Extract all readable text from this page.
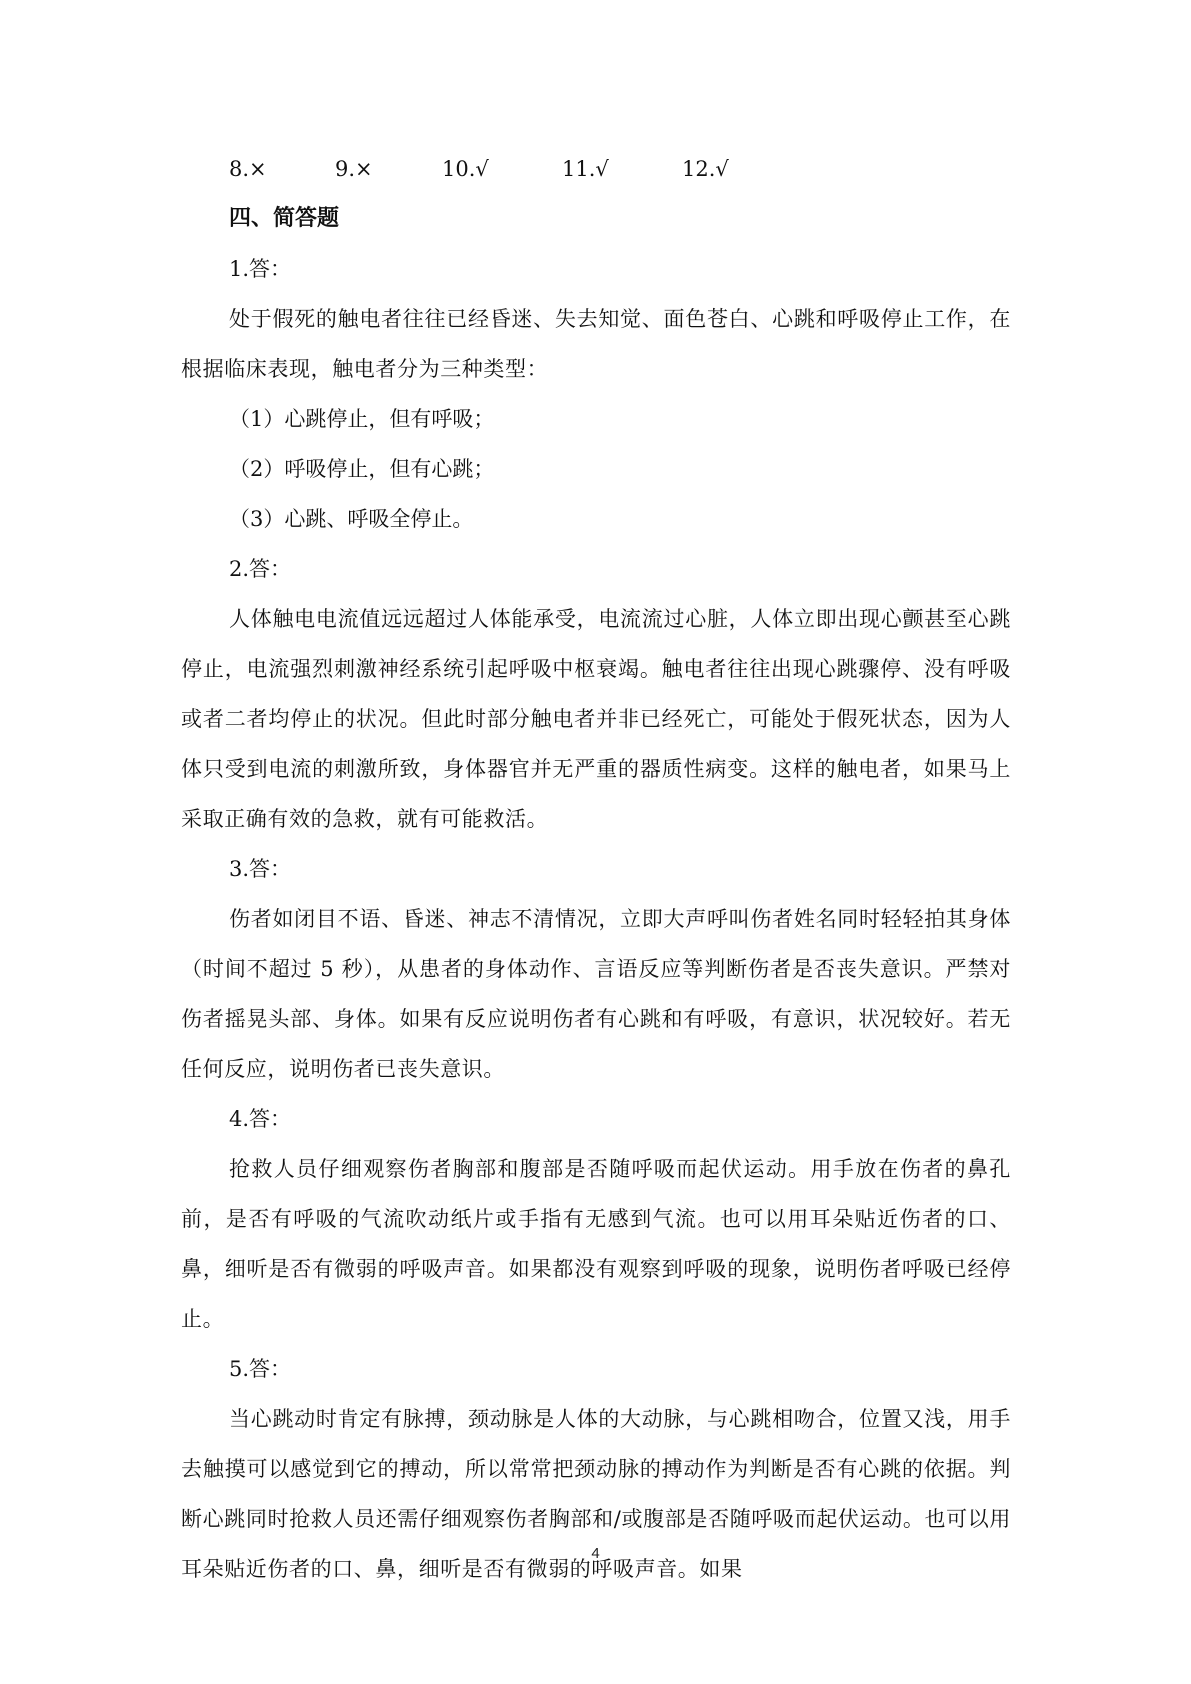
8.×	9.×	10.√	11.√	12.√
四、简答题
1.答：

处于假死的触电者往往已经昏迷、失去知觉、面色苍白、心跳和呼吸停止工作，在根据临床表现，触电者分为三种类型：

（1）心跳停止，但有呼吸；
（2）呼吸停止，但有心跳；
（3）心跳、呼吸全停止。
2.答：

人体触电电流值远远超过人体能承受，电流流过心脏，人体立即出现心颤甚至心跳停止，电流强烈刺激神经系统引起呼吸中枢衰竭。触电者往往出现心跳骤停、没有呼吸或者二者均停止的状况。但此时部分触电者并非已经死亡，可能处于假死状态，因为人体只受到电流的刺激所致，身体器官并无严重的器质性病变。这样的触电者，如果马上采取正确有效的急救，就有可能救活。

3.答：

伤者如闭目不语、昏迷、神志不清情况，立即大声呼叫伤者姓名同时轻轻拍其身体（时间不超过 5 秒），从患者的身体动作、言语反应等判断伤者是否丧失意识。严禁对伤者摇晃头部、身体。如果有反应说明伤者有心跳和有呼吸，有意识，状况较好。若无任何反应，说明伤者已丧失意识。

4.答：

抢救人员仔细观察伤者胸部和腹部是否随呼吸而起伏运动。用手放在伤者的鼻孔前，是否有呼吸的气流吹动纸片或手指有无感到气流。也可以用耳朵贴近伤者的口、鼻，细听是否有微弱的呼吸声音。如果都没有观察到呼吸的现象，说明伤者呼吸已经停止。

5.答：

当心跳动时肯定有脉搏，颈动脉是人体的大动脉，与心跳相吻合，位置又浅，用手去触摸可以感觉到它的搏动，所以常常把颈动脉的搏动作为判断是否有心跳的依据。判断心跳同时抢救人员还需仔细观察伤者胸部和/或腹部是否随呼吸而起伏运动。也可以用耳朵贴近伤者的口、鼻，细听是否有微弱的呼吸声音。如果

4
